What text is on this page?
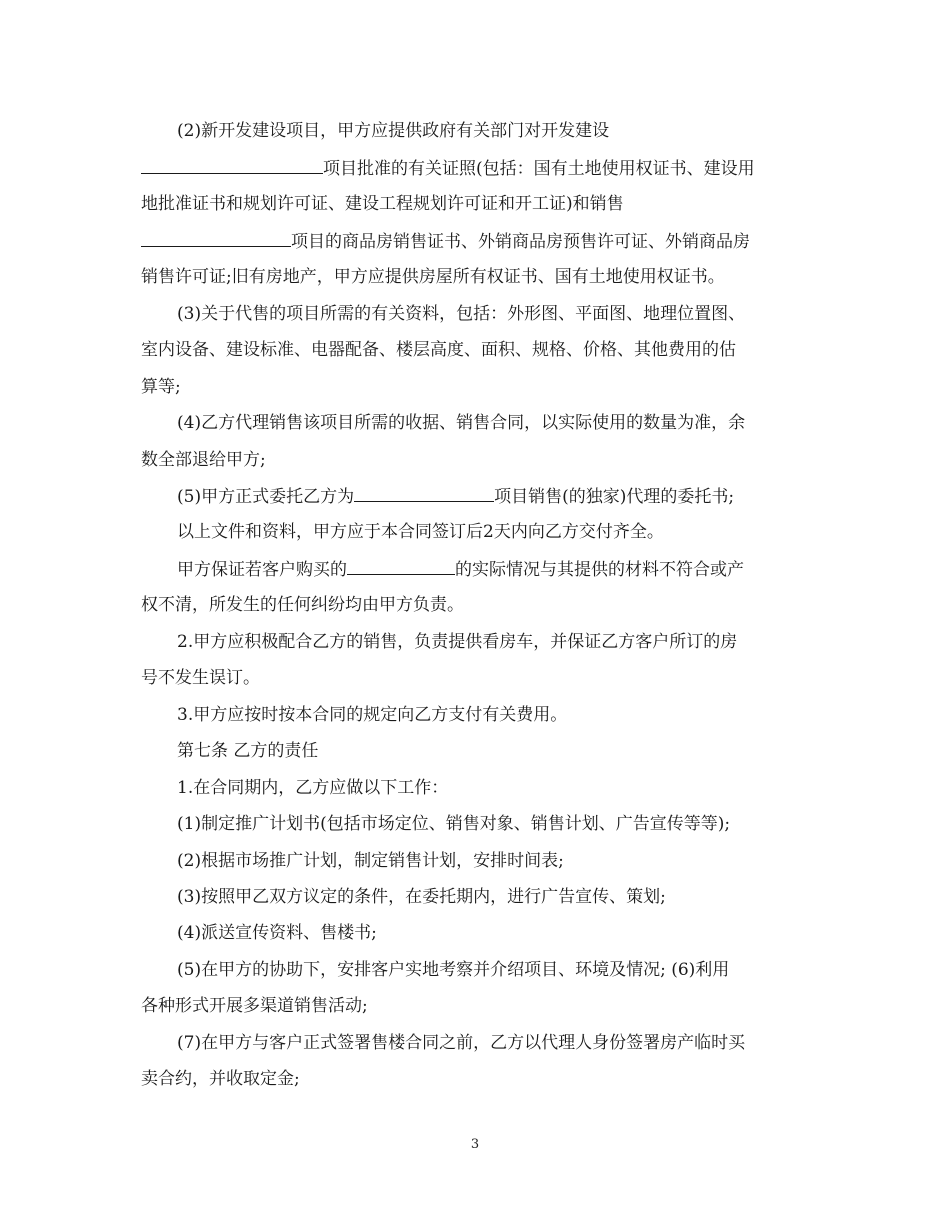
(2)新开发建设项目，甲方应提供政府有关部门对开发建设
项目批准的有关证照(包括：国有土地使用权证书、建设用
地批准证书和规划许可证、建设工程规划许可证和开工证)和销售
项目的商品房销售证书、外销商品房预售许可证、外销商品房
销售许可证;旧有房地产，甲方应提供房屋所有权证书、国有土地使用权证书。
(3)关于代售的项目所需的有关资料，包括：外形图、平面图、地理位置图、
室内设备、建设标准、电器配备、楼层高度、面积、规格、价格、其他费用的估
算等;
(4)乙方代理销售该项目所需的收据、销售合同，以实际使用的数量为准，余
数全部退给甲方;
(5)甲方正式委托乙方为	项目销售(的独家)代理的委托书;
以上文件和资料，甲方应于本合同签订后2天内向乙方交付齐全。
甲方保证若客户购买的	的实际情况与其提供的材料不符合或产
权不清，所发生的任何纠纷均由甲方负责。
2.甲方应积极配合乙方的销售，负责提供看房车，并保证乙方客户所订的房
号不发生误订。
3.甲方应按时按本合同的规定向乙方支付有关费用。
第七条 乙方的责任
1.在合同期内，乙方应做以下工作：
(1)制定推广计划书(包括市场定位、销售对象、销售计划、广告宣传等等);
(2)根据市场推广计划，制定销售计划，安排时间表;
(3)按照甲乙双方议定的条件，在委托期内，进行广告宣传、策划;
(4)派送宣传资料、售楼书;
(5)在甲方的协助下，安排客户实地考察并介绍项目、环境及情况; (6)利用
各种形式开展多渠道销售活动;
(7)在甲方与客户正式签署售楼合同之前，乙方以代理人身份签署房产临时买
卖合约，并收取定金;
3
